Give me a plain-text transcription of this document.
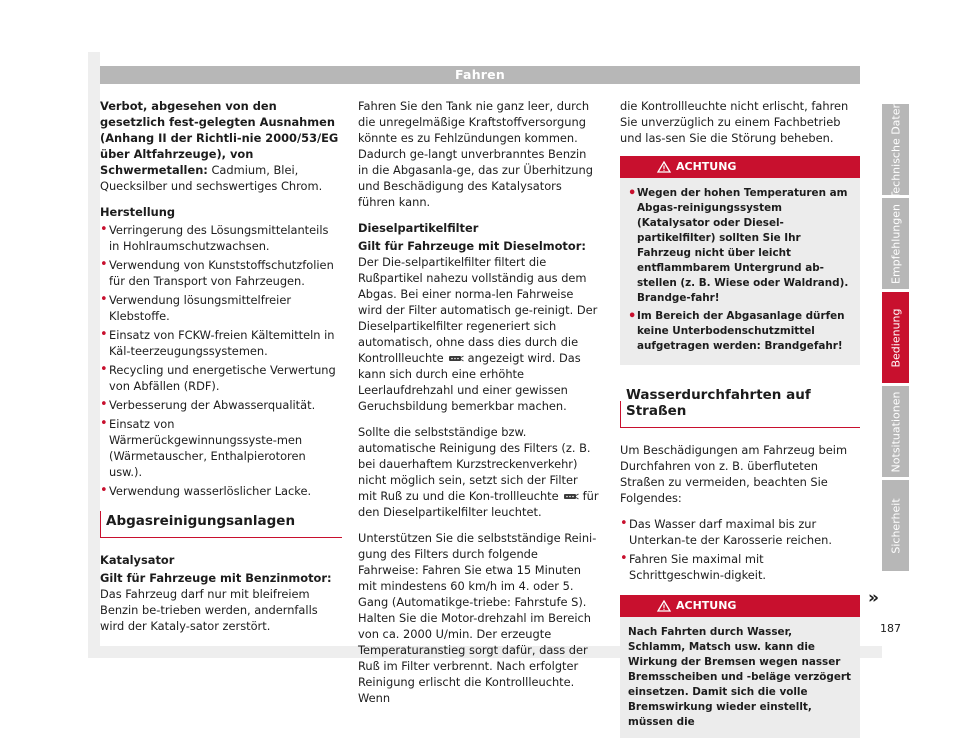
Fahren

Verbot, abgesehen von den gesetzlich fest-gelegten Ausnahmen (Anhang II der Richtli-nie 2000/53/EG über Altfahrzeuge), von Schwermetallen: Cadmium, Blei, Quecksilber und sechswertiges Chrom.

Herstellung
• Verringerung des Lösungsmittelanteils in Hohlraumschutzwachsen.
• Verwendung von Kunststoffschutzfolien für den Transport von Fahrzeugen.
• Verwendung lösungsmittelfreier Klebstoffe.
• Einsatz von FCKW-freien Kältemitteln in Käl-teerzeugungssystemen.
• Recycling und energetische Verwertung von Abfällen (RDF).
• Verbesserung der Abwasserqualität.
• Einsatz von Wärmerückgewinnungssyste-men (Wärmetauscher, Enthalpierotoren usw.).
• Verwendung wasserlöslicher Lacke.
Abgasreinigungsanlagen
Katalysator

Gilt für Fahrzeuge mit Benzinmotor: Das Fahrzeug darf nur mit bleifreiem Benzin be-trieben werden, andernfalls wird der Kataly-sator zerstört.

Fahren Sie den Tank nie ganz leer, durch die unregelmäßige Kraftstoffversorgung könnte es zu Fehlzündungen kommen. Dadurch ge-langt unverbranntes Benzin in die Abgasanla-ge, das zur Überhitzung und Beschädigung des Katalysators führen kann.

Dieselpartikelfilter

Gilt für Fahrzeuge mit Dieselmotor: Der Die-selpartikelfilter filtert die Rußpartikel nahezu vollständig aus dem Abgas. Bei einer norma-len Fahrweise wird der Filter automatisch ge-reinigt. Der Dieselpartikelfilter regeneriert sich automatisch, ohne dass dies durch die Kontrollleuchte angezeigt wird. Das kann sich durch eine erhöhte Leerlaufdrehzahl und einer gewissen Geruchsbildung bemerkbar machen.

Sollte die selbstständige bzw. automatische Reinigung des Filters (z. B. bei dauerhaftem Kurzstreckenverkehr) nicht möglich sein, setzt sich der Filter mit Ruß zu und die Kon-trollleuchte für den Dieselpartikelfilter leuchtet.

Unterstützen Sie die selbstständige Reini-gung des Filters durch folgende Fahrweise: Fahren Sie etwa 15 Minuten mit mindestens 60 km/h im 4. oder 5. Gang (Automatikge-triebe: Fahrstufe S). Halten Sie die Motor-drehzahl im Bereich von ca. 2000 U/min. Der erzeugte Temperaturanstieg sorgt dafür, dass der Ruß im Filter verbrennt. Nach erfolgter Reinigung erlischt die Kontrollleuchte. Wenn

die Kontrollleuchte nicht erlischt, fahren Sie unverzüglich zu einem Fachbetrieb und las-sen Sie die Störung beheben.

ACHTUNG
• Wegen der hohen Temperaturen am Abgas-reinigungssystem (Katalysator oder Diesel-partikelfilter) sollten Sie Ihr Fahrzeug nicht über leicht entflammbarem Untergrund ab-stellen (z. B. Wiese oder Waldrand). Brandge-fahr!
• Im Bereich der Abgasanlage dürfen keine Unterbodenschutzmittel aufgetragen werden: Brandgefahr!
Wasserdurchfahrten auf Straßen

Um Beschädigungen am Fahrzeug beim Durchfahren von z. B. überfluteten Straßen zu vermeiden, beachten Sie Folgendes:

• Das Wasser darf maximal bis zur Unterkan-te der Karosserie reichen.
• Fahren Sie maximal mit Schrittgeschwin-digkeit.
ACHTUNG
Nach Fahrten durch Wasser, Schlamm, Matsch usw. kann die Wirkung der Bremsen wegen nasser Bremsscheiben und -beläge verzögert einsetzen. Damit sich die volle Bremswirkung wieder einstellt, müssen die
Technische Daten
Empfehlungen
Bedienung
Notsituationen
Sicherheit
»
187
